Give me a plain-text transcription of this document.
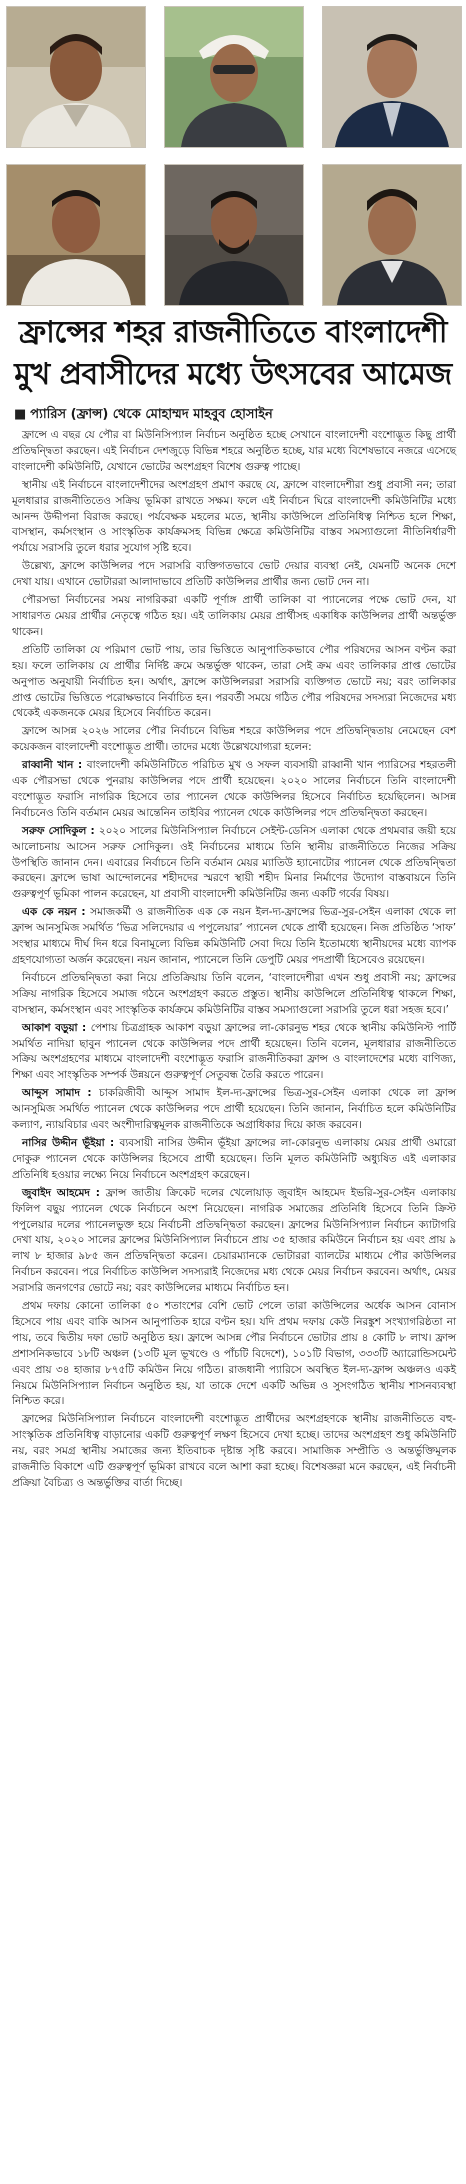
ফ্রান্সের শহর রাজনীতিতে বাংলাদেশী মুখ প্রবাসীদের মধ্যে উৎসবের আমেজ
■ প্যারিস (ফ্রান্স) থেকে মোহাম্মদ মাহবুব হোসাইন

ফ্রান্সে এ বছর যে পৌর বা মিউনিসিপ্যাল নির্বাচন অনুষ্ঠিত হচ্ছে সেখানে বাংলাদেশী বংশোদ্ভূত কিছু প্রার্থী প্রতিদ্বন্দ্বিতা করছেন। এই নির্বাচন দেশজুড়ে বিভিন্ন শহরে অনুষ্ঠিত হচ্ছে, যার মধ্যে বিশেষভাবে নজরে এসেছে বাংলাদেশী কমিউনিটি, যেখানে ভোটের অংশগ্রহণ বিশেষ গুরুত্ব পাচ্ছে।

স্থানীয় এই নির্বাচনে বাংলাদেশীদের অংশগ্রহণ প্রমাণ করছে যে, ফ্রান্সে বাংলাদেশীরা শুধু প্রবাসী নন; তারা মূলধারার রাজনীতিতেও সক্রিয় ভূমিকা রাখতে সক্ষম। ফলে এই নির্বাচন ঘিরে বাংলাদেশী কমিউনিটির মধ্যে আনন্দ উদ্দীপনা বিরাজ করছে। পর্যবেক্ষক মহলের মতে, স্থানীয় কাউন্সিলে প্রতিনিধিত্ব নিশ্চিত হলে শিক্ষা, বাসস্থান, কর্মসংস্থান ও সাংস্কৃতিক কার্যক্রমসহ বিভিন্ন ক্ষেত্রে কমিউনিটির বাস্তব সমস্যাগুলো নীতিনির্ধারণী পর্যায়ে সরাসরি তুলে ধরার সুযোগ সৃষ্টি হবে।

উল্লেখ্য, ফ্রান্সে কাউন্সিলর পদে সরাসরি ব্যক্তিগতভাবে ভোট দেয়ার ব্যবস্থা নেই, যেমনটি অনেক দেশে দেখা যায়। এখানে ভোটাররা আলাদাভাবে প্রতিটি কাউন্সিলর প্রার্থীর জন্য ভোট দেন না।

পৌরসভা নির্বাচনের সময় নাগরিকরা একটি পূর্ণাঙ্গ প্রার্থী তালিকা বা প্যানেলের পক্ষে ভোট দেন, যা সাধারণত মেয়র প্রার্থীর নেতৃত্বে গঠিত হয়। এই তালিকায় মেয়র প্রার্থীসহ একাধিক কাউন্সিলর প্রার্থী অন্তর্ভুক্ত থাকেন।

প্রতিটি তালিকা যে পরিমাণ ভোট পায়, তার ভিত্তিতে আনুপাতিকভাবে পৌর পরিষদের আসন বণ্টন করা হয়। ফলে তালিকায় যে প্রার্থীর নির্দিষ্ট ক্রমে অন্তর্ভুক্ত থাকেন, তারা সেই ক্রম এবং তালিকার প্রাপ্ত ভোটের অনুপাত অনুযায়ী নির্বাচিত হন। অর্থাৎ, ফ্রান্সে কাউন্সিলররা সরাসরি ব্যক্তিগত ভোটে নয়; বরং তালিকার প্রাপ্ত ভোটের ভিত্তিতে পরোক্ষভাবে নির্বাচিত হন। পরবর্তী সময়ে গঠিত পৌর পরিষদের সদস্যরা নিজেদের মধ্য থেকেই একজনকে মেয়র হিসেবে নির্বাচিত করেন।

ফ্রান্সে আসন্ন ২০২৬ সালের পৌর নির্বাচনে বিভিন্ন শহরে কাউন্সিলর পদে প্রতিদ্বন্দ্বিতায় নেমেছেন বেশ কয়েকজন বাংলাদেশী বংশোদ্ভূত প্রার্থী। তাদের মধ্যে উল্লেখযোগ্যরা হলেন:

রাব্বানী খান : বাংলাদেশী কমিউনিটিতে পরিচিত মুখ ও সফল ব্যবসায়ী রাব্বানী খান প্যারিসের শহরতলী এক পৌরসভা থেকে পুনরায় কাউন্সিলর পদে প্রার্থী হয়েছেন। ২০২০ সালের নির্বাচনে তিনি বাংলাদেশী বংশোদ্ভূত ফরাসি নাগরিক হিসেবে তার প্যানেল থেকে কাউন্সিলর হিসেবে নির্বাচিত হয়েছিলেন। আসন্ন নির্বাচনেও তিনি বর্তমান মেয়র আন্তেনিন তাইবির প্যানেল থেকে কাউন্সিলর পদে প্রতিদ্বন্দ্বিতা করছেন।

সরুফ সোদিকুল : ২০২০ সালের মিউনিসিপ্যাল নির্বাচনে সেইন্ট-ডেনিস এলাকা থেকে প্রথমবার জয়ী হয়ে আলোচনায় আসেন সরুফ সোদিকুল। ওই নির্বাচনের মাধ্যমে তিনি স্থানীয় রাজনীতিতে নিজের সক্রিয় উপস্থিতি জানান দেন। এবারের নির্বাচনে তিনি বর্তমান মেয়র ম্যাতিউ হ্যানোটোর প্যানেল থেকে প্রতিদ্বন্দ্বিতা করছেন। ফ্রান্সে ভাষা আন্দোলনের শহীদদের স্মরণে স্থায়ী শহীদ মিনার নির্মাণের উদ্যোগ বাস্তবায়নে তিনি গুরুত্বপূর্ণ ভূমিকা পালন করেছেন, যা প্রবাসী বাংলাদেশী কমিউনিটির জন্য একটি গর্বের বিষয়।

এক কে নয়ন : সমাজকর্মী ও রাজনীতিক এক কে নয়ন ইল-দ্য-ফ্রান্সের ভিত্র-সুর-সেইন এলাকা থেকে লা ফ্রান্স আনসুমিজ সমর্থিত ‘ভিত্র সলিদেয়ার এ পপুলেয়ার’ প্যানেল থেকে প্রার্থী হয়েছেন। নিজ প্রতিষ্ঠিত ‘সাফ’ সংস্থার মাধ্যমে দীর্ঘ দিন ধরে বিনামূল্যে বিভিন্ন কমিউনিটি সেবা দিয়ে তিনি ইতোমধ্যে স্থানীয়দের মধ্যে ব্যাপক গ্রহণযোগ্যতা অর্জন করেছেন। নয়ন জানান, প্যানেলে তিনি ডেপুটি মেয়র পদপ্রার্থী হিসেবেও রয়েছেন।

নির্বাচনে প্রতিদ্বন্দ্বিতা করা নিয়ে প্রতিক্রিয়ায় তিনি বলেন, ‘বাংলাদেশীরা এখন শুধু প্রবাসী নয়; ফ্রান্সের সক্রিয় নাগরিক হিসেবে সমাজ গঠনে অংশগ্রহণ করতে প্রস্তুত। স্থানীয় কাউন্সিলে প্রতিনিধিত্ব থাকলে শিক্ষা, বাসস্থান, কর্মসংস্থান এবং সাংস্কৃতিক কার্যক্রমে কমিউনিটির বাস্তব সমস্যাগুলো সরাসরি তুলে ধরা সহজ হবে।’

আকাশ বড়ুয়া : পেশায় চিত্রগ্রাহক আকাশ বড়ুয়া ফ্রান্সের লা-কোরনুভ শহর থেকে স্থানীয় কমিউনিস্ট পার্টি সমর্থিত নাদিয়া ছাবুন প্যানেল থেকে কাউন্সিলর পদে প্রার্থী হয়েছেন। তিনি বলেন, মূলধারার রাজনীতিতে সক্রিয় অংশগ্রহণের মাধ্যমে বাংলাদেশী বংশোদ্ভূত ফরাসি রাজনীতিকরা ফ্রান্স ও বাংলাদেশের মধ্যে বাণিজ্য, শিক্ষা এবং সাংস্কৃতিক সম্পর্ক উন্নয়নে গুরুত্বপূর্ণ সেতুবন্ধ তৈরি করতে পারেন।

আব্দুস সামাদ : চাকরিজীবী আব্দুস সামাদ ইল-দ্য-ফ্রান্সের ভিত্র-সুর-সেইন এলাকা থেকে লা ফ্রান্স আনসুমিজ সমর্থিত প্যানেল থেকে কাউন্সিলর পদে প্রার্থী হয়েছেন। তিনি জানান, নির্বাচিত হলে কমিউনিটির কল্যাণ, ন্যায়বিচার এবং অংশীদারিত্বমূলক রাজনীতিকে অগ্রাধিকার দিয়ে কাজ করবেন।

নাসির উদ্দীন ভূঁইয়া : ব্যবসায়ী নাসির উদ্দীন ভূঁইয়া ফ্রান্সের লা-কোরনুভ এলাকায় মেয়র প্রার্থী ওমারো দোকুরু প্যানেল থেকে কাউন্সিলর হিসেবে প্রার্থী হয়েছেন। তিনি মূলত কমিউনিটি অধ্যুষিত এই এলাকার প্রতিনিধি হওয়ার লক্ষ্যে নিয়ে নির্বাচনে অংশগ্রহণ করেছেন।

জুবাইদ আহমেদ : ফ্রান্স জাতীয় ক্রিকেট দলের খেলোয়াড় জুবাইদ আহমেদ ইভরি-সুর-সেইন এলাকায় ফিলিপ বছুয় প্যানেল থেকে নির্বাচনে অংশ নিয়েছেন। নাগরিক সমাজের প্রতিনিধি হিসেবে তিনি ক্রিস্ট পপুলেয়ার দলের প্যানেলভুক্ত হয়ে নির্বাচনী প্রতিদ্বন্দ্বিতা করছেন। ফ্রান্সের মিউনিসিপ্যাল নির্বাচন ক্যাটাগরি দেখা যায়, ২০২০ সালের ফ্রান্সের মিউনিসিপ্যাল নির্বাচনে প্রায় ৩৫ হাজার কমিউনে নির্বাচন হয় এবং প্রায় ৯ লাখ ৮ হাজার ৯৮৫ জন প্রতিদ্বন্দ্বিতা করেন। চেয়ারম্যানকে ভোটাররা ব্যালটের মাধ্যমে পৌর কাউন্সিলর নির্বাচন করবেন। পরে নির্বাচিত কাউন্সিল সদস্যরাই নিজেদের মধ্য থেকে মেয়র নির্বাচন করবেন। অর্থাৎ, মেয়র সরাসরি জনগণের ভোটে নয়; বরং কাউন্সিলের মাধ্যমে নির্বাচিত হন।

প্রথম দফায় কোনো তালিকা ৫০ শতাংশের বেশি ভোট পেলে তারা কাউন্সিলের অর্ধেক আসন বোনাস হিসেবে পায় এবং বাকি আসন আনুপাতিক হারে বণ্টন হয়। যদি প্রথম দফায় কেউ নিরঙ্কুশ সংখ্যাগরিষ্ঠতা না পায়, তবে দ্বিতীয় দফা ভোট অনুষ্ঠিত হয়। ফ্রান্সে আসন্ন পৌর নির্বাচনে ভোটার প্রায় ৪ কোটি ৮ লাখ। ফ্রান্স প্রশাসনিকভাবে ১৮টি অঞ্চল (১৩টি মূল ভূখণ্ডে ও পাঁচটি বিদেশে), ১০১টি বিভাগ, ৩৩৩টি অ্যারোন্ডিসমেন্ট এবং প্রায় ৩৪ হাজার ৮৭৫টি কমিউন নিয়ে গঠিত। রাজধানী প্যারিসে অবস্থিত ইল-দ্য-ফ্রান্স অঞ্চলও একই নিয়মে মিউনিসিপ্যাল নির্বাচন অনুষ্ঠিত হয়, যা তাকে দেশে একটি অভিন্ন ও সুসংগঠিত স্থানীয় শাসনব্যবস্থা নিশ্চিত করে।

ফ্রান্সের মিউনিসিপ্যাল নির্বাচনে বাংলাদেশী বংশোদ্ভূত প্রার্থীদের অংশগ্রহণকে স্থানীয় রাজনীতিতে বহু-সাংস্কৃতিক প্রতিনিধিত্ব বাড়ানোর একটি গুরুত্বপূর্ণ লক্ষণ হিসেবে দেখা হচ্ছে। তাদের অংশগ্রহণ শুধু কমিউনিটি নয়, বরং সমগ্র স্থানীয় সমাজের জন্য ইতিবাচক দৃষ্টান্ত সৃষ্টি করবে। সামাজিক সম্প্রীতি ও অন্তর্ভুক্তিমূলক রাজনীতি বিকাশে এটি গুরুত্বপূর্ণ ভূমিকা রাখবে বলে আশা করা হচ্ছে। বিশেষজ্ঞরা মনে করছেন, এই নির্বাচনী প্রক্রিয়া বৈচিত্র্য ও অন্তর্ভুক্তির বার্তা দিচ্ছে।
